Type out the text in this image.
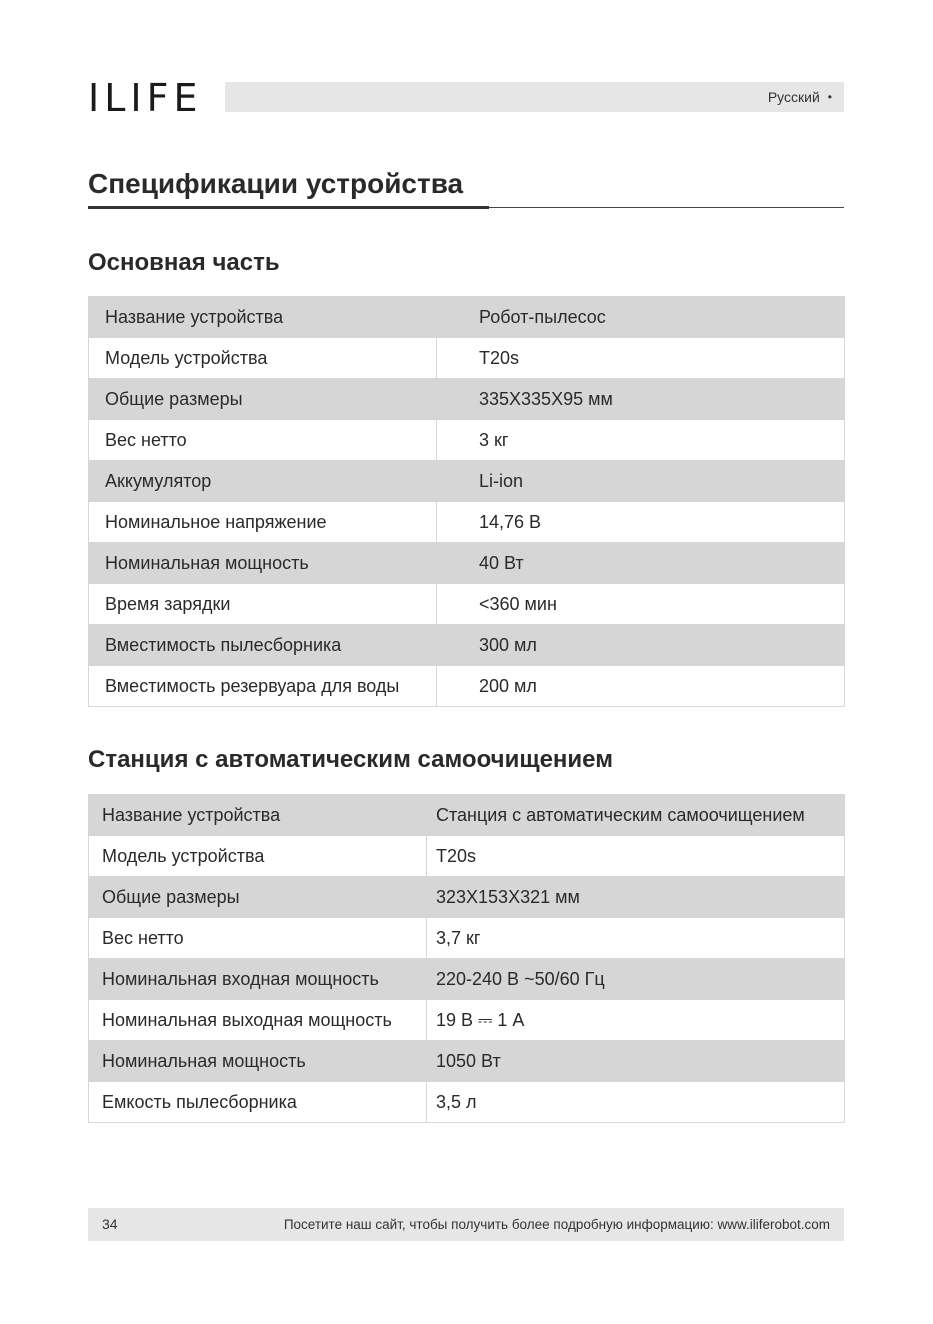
ILIFE	Русский •
Спецификации устройства
Основная часть
Название устройства	Робот-пылесос
Модель устройства	T20s
Общие размеры	335X335X95 мм
Вес нетто	3 кг
Аккумулятор	Li-ion
Номинальное напряжение	14,76 В
Номинальная мощность	40 Вт
Время зарядки	<360 мин
Вместимость пылесборника	300 мл
Вместимость резервуара для воды	200 мл
Станция с автоматическим самоочищением
Название устройства	Станция с автоматическим самоочищением
Модель устройства	T20s
Общие размеры	323X153X321 мм
Вес нетто	3,7 кг
Номинальная входная мощность	220-240 В ~50/60 Гц
Номинальная выходная мощность	19 В ⎓ 1 А
Номинальная мощность	1050 Вт
Емкость пылесборника	3,5 л
34	Посетите наш сайт, чтобы получить более подробную информацию: www.iliferobot.com
